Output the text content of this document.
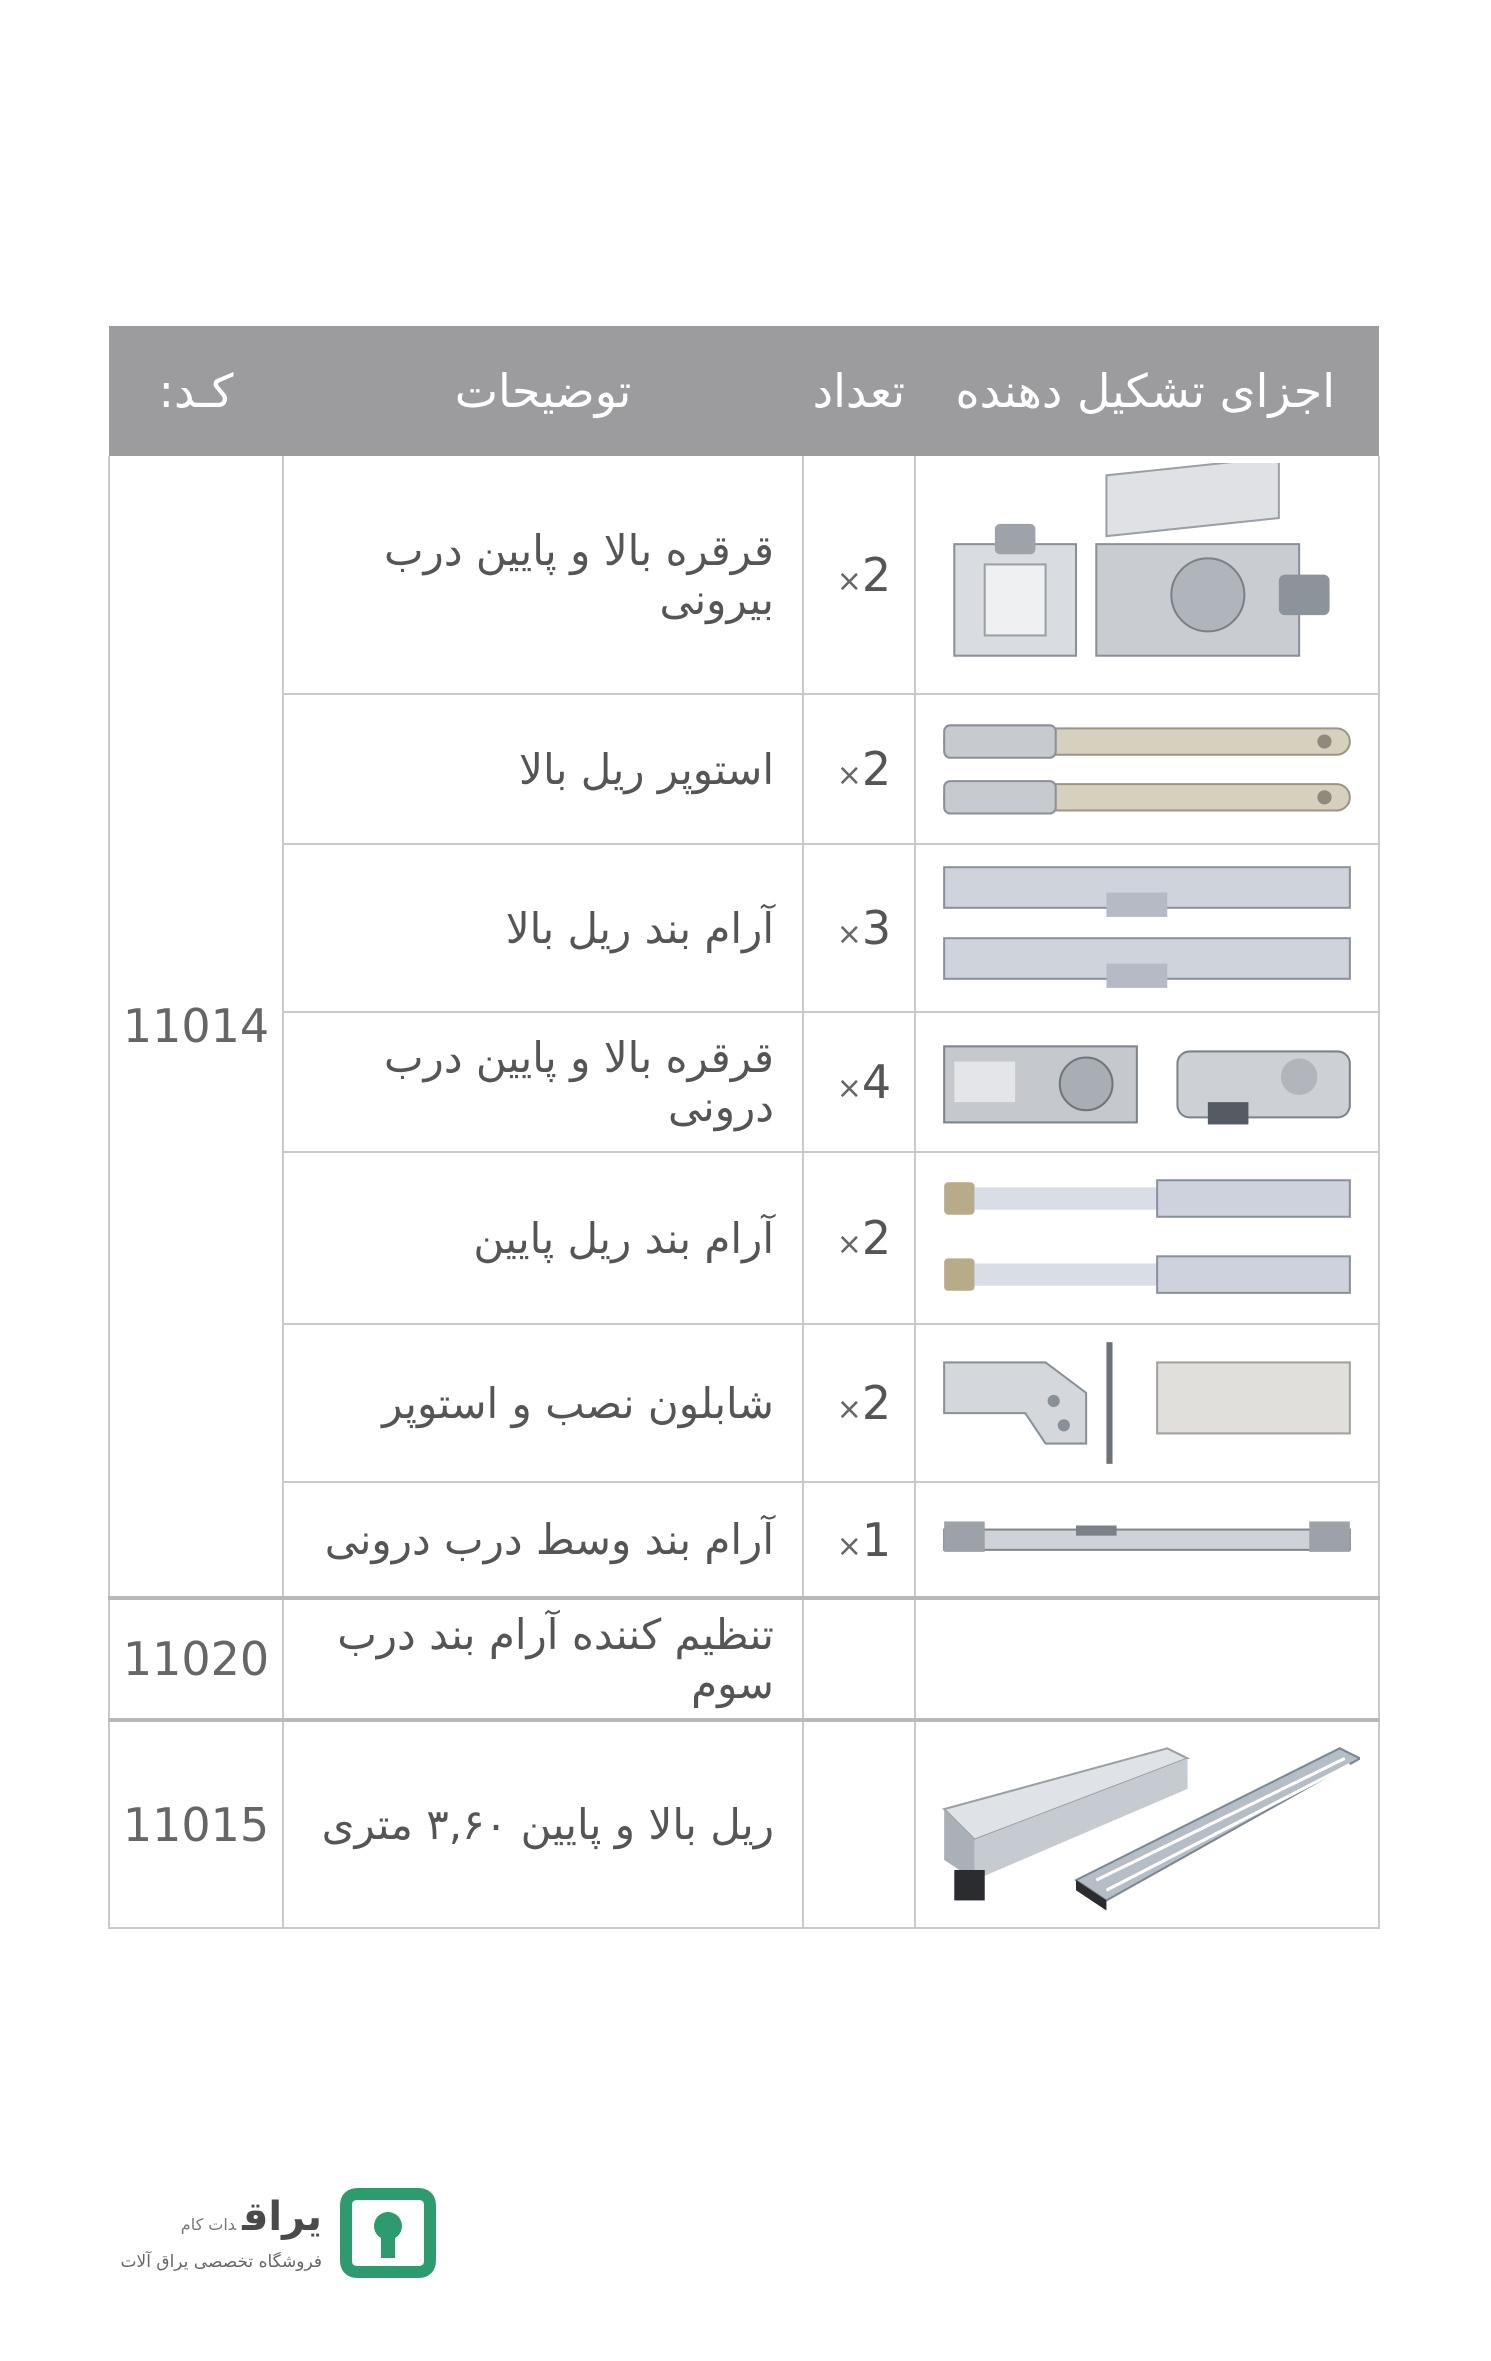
اجزای تشکیل دهنده	تعداد	توضیحات	کـد:

	×2	قرقره بالا و پایین درب بیرونی	11014

	×2	استوپر ریل بالا	

	×3	آرام بند ریل بالا	

	×4	قرقره بالا و پایین درب درونی	

	×2	آرام بند ریل پایین	

	×2	شابلون نصب و استوپر	

	×1	آرام بند وسط درب درونی	
		تنظیم کننده آرام بند درب سوم	11020

		ریل بالا و پایین ۳,۶۰ متری	11015
یراقدات کام
فروشگاه تخصصی یراق آلات
